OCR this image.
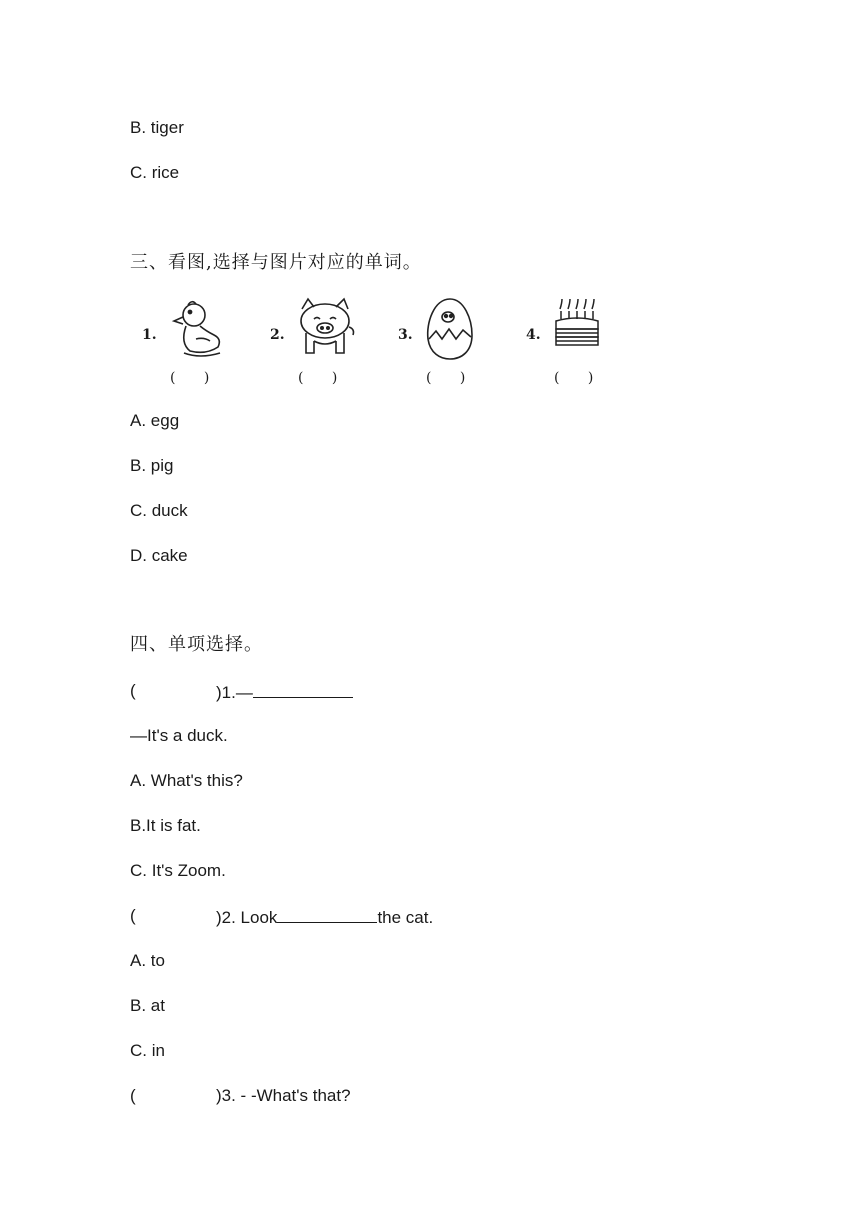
B. tiger
C. rice
三、看图,选择与图片对应的单词。
1.
( )
2.
( )
3.
( )
4.
( )
A. egg
B. pig
C. duck
D. cake
四、单项选择。
(	)1.—
—It's a duck.
A. What's this?
B.It is fat.
C. It's Zoom.
(	)2. Look	the cat.
A. to
B. at
C. in
(	)3. - -What's that?
